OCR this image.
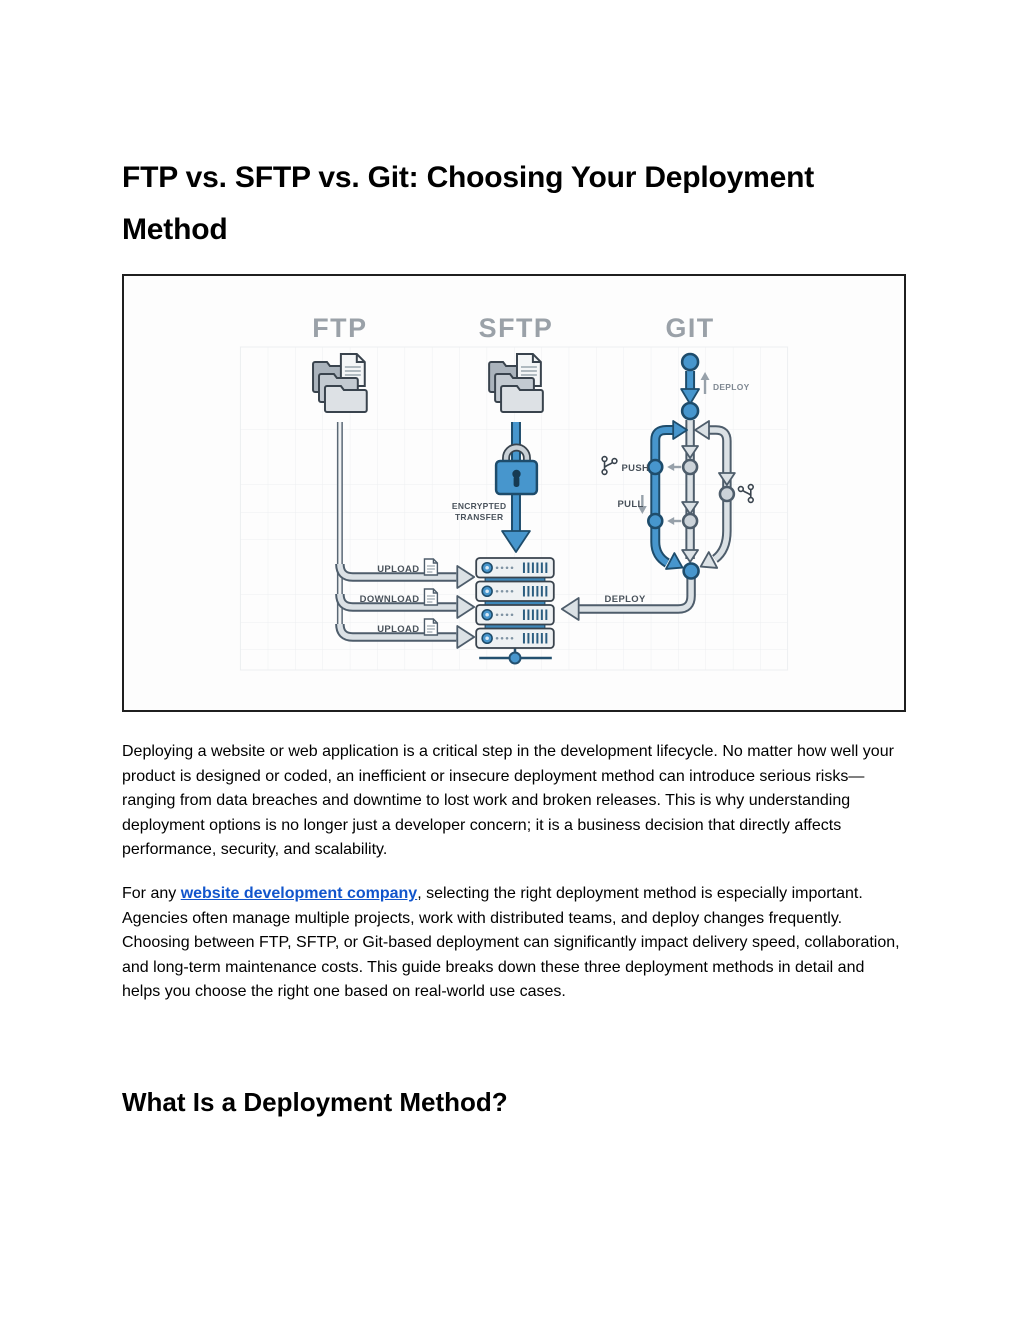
FTP vs. SFTP vs. Git: Choosing Your Deployment Method
FTP	SFTP	GIT
UPLOAD
DOWNLOAD
UPLOAD
ENCRYPTED
TRANSFER
DEPLOY
DEPLOY
PUSH
PULL

Deploying a website or web application is a critical step in the development lifecycle. No matter how well your product is designed or coded, an inefficient or insecure deployment method can introduce serious risks—ranging from data breaches and downtime to lost work and broken releases. This is why understanding deployment options is no longer just a developer concern; it is a business decision that directly affects performance, security, and scalability.

For any website development company, selecting the right deployment method is especially important. Agencies often manage multiple projects, work with distributed teams, and deploy changes frequently. Choosing between FTP, SFTP, or Git-based deployment can significantly impact delivery speed, collaboration, and long-term maintenance costs. This guide breaks down these three deployment methods in detail and helps you choose the right one based on real-world use cases.

What Is a Deployment Method?
